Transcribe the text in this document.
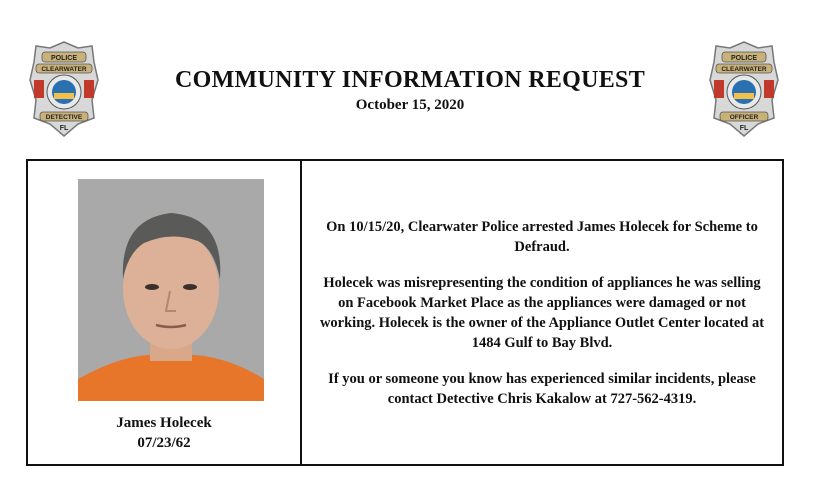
POLICE
CLEARWATER
DETECTIVE
FL
POLICE
CLEARWATER
OFFICER
FL
COMMUNITY INFORMATION REQUEST
October 15, 2020
James Holecek
07/23/62

On 10/15/20, Clearwater Police arrested James Holecek for Scheme to Defraud.

Holecek was misrepresenting the condition of appliances he was selling on Facebook Market Place as the appliances were damaged or not working. Holecek is the owner of the Appliance Outlet Center located at 1484 Gulf to Bay Blvd.

If you or someone you know has experienced similar incidents, please contact Detective Chris Kakalow at 727-562-4319.
